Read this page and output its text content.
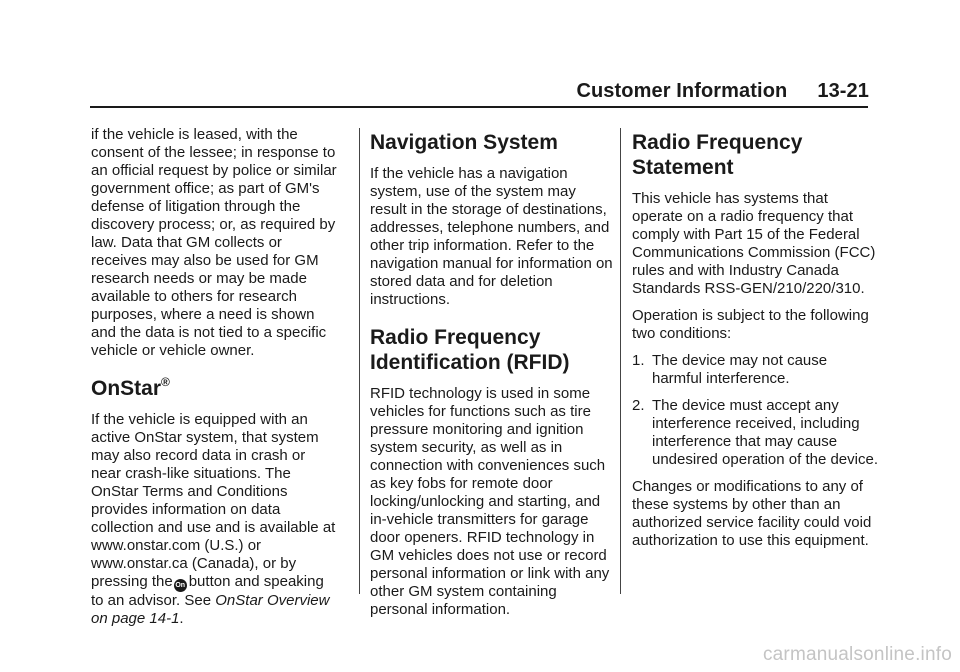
Customer Information 13-21

if the vehicle is leased, with the consent of the lessee; in response to an official request by police or similar government office; as part of GM's defense of litigation through the discovery process; or, as required by law. Data that GM collects or receives may also be used for GM research needs or may be made available to others for research purposes, where a need is shown and the data is not tied to a specific vehicle or vehicle owner.

OnStar®

If the vehicle is equipped with an active OnStar system, that system may also record data in crash or near crash-like situations. The OnStar Terms and Conditions provides information on data collection and use and is available at www.onstar.com (U.S.) or www.onstar.ca (Canada), or by pressing the On button and speaking to an advisor. See OnStar Overview on page 14-1.

Navigation System

If the vehicle has a navigation system, use of the system may result in the storage of destinations, addresses, telephone numbers, and other trip information. Refer to the navigation manual for information on stored data and for deletion instructions.

Radio Frequency Identification (RFID)

RFID technology is used in some vehicles for functions such as tire pressure monitoring and ignition system security, as well as in connection with conveniences such as key fobs for remote door locking/unlocking and starting, and in-vehicle transmitters for garage door openers. RFID technology in GM vehicles does not use or record personal information or link with any other GM system containing personal information.

Radio Frequency Statement

This vehicle has systems that operate on a radio frequency that comply with Part 15 of the Federal Communications Commission (FCC) rules and with Industry Canada Standards RSS-GEN/210/220/310.

Operation is subject to the following two conditions:

1. The device may not cause harmful interference.
2. The device must accept any interference received, including interference that may cause undesired operation of the device.

Changes or modifications to any of these systems by other than an authorized service facility could void authorization to use this equipment.

carmanualsonline.info
